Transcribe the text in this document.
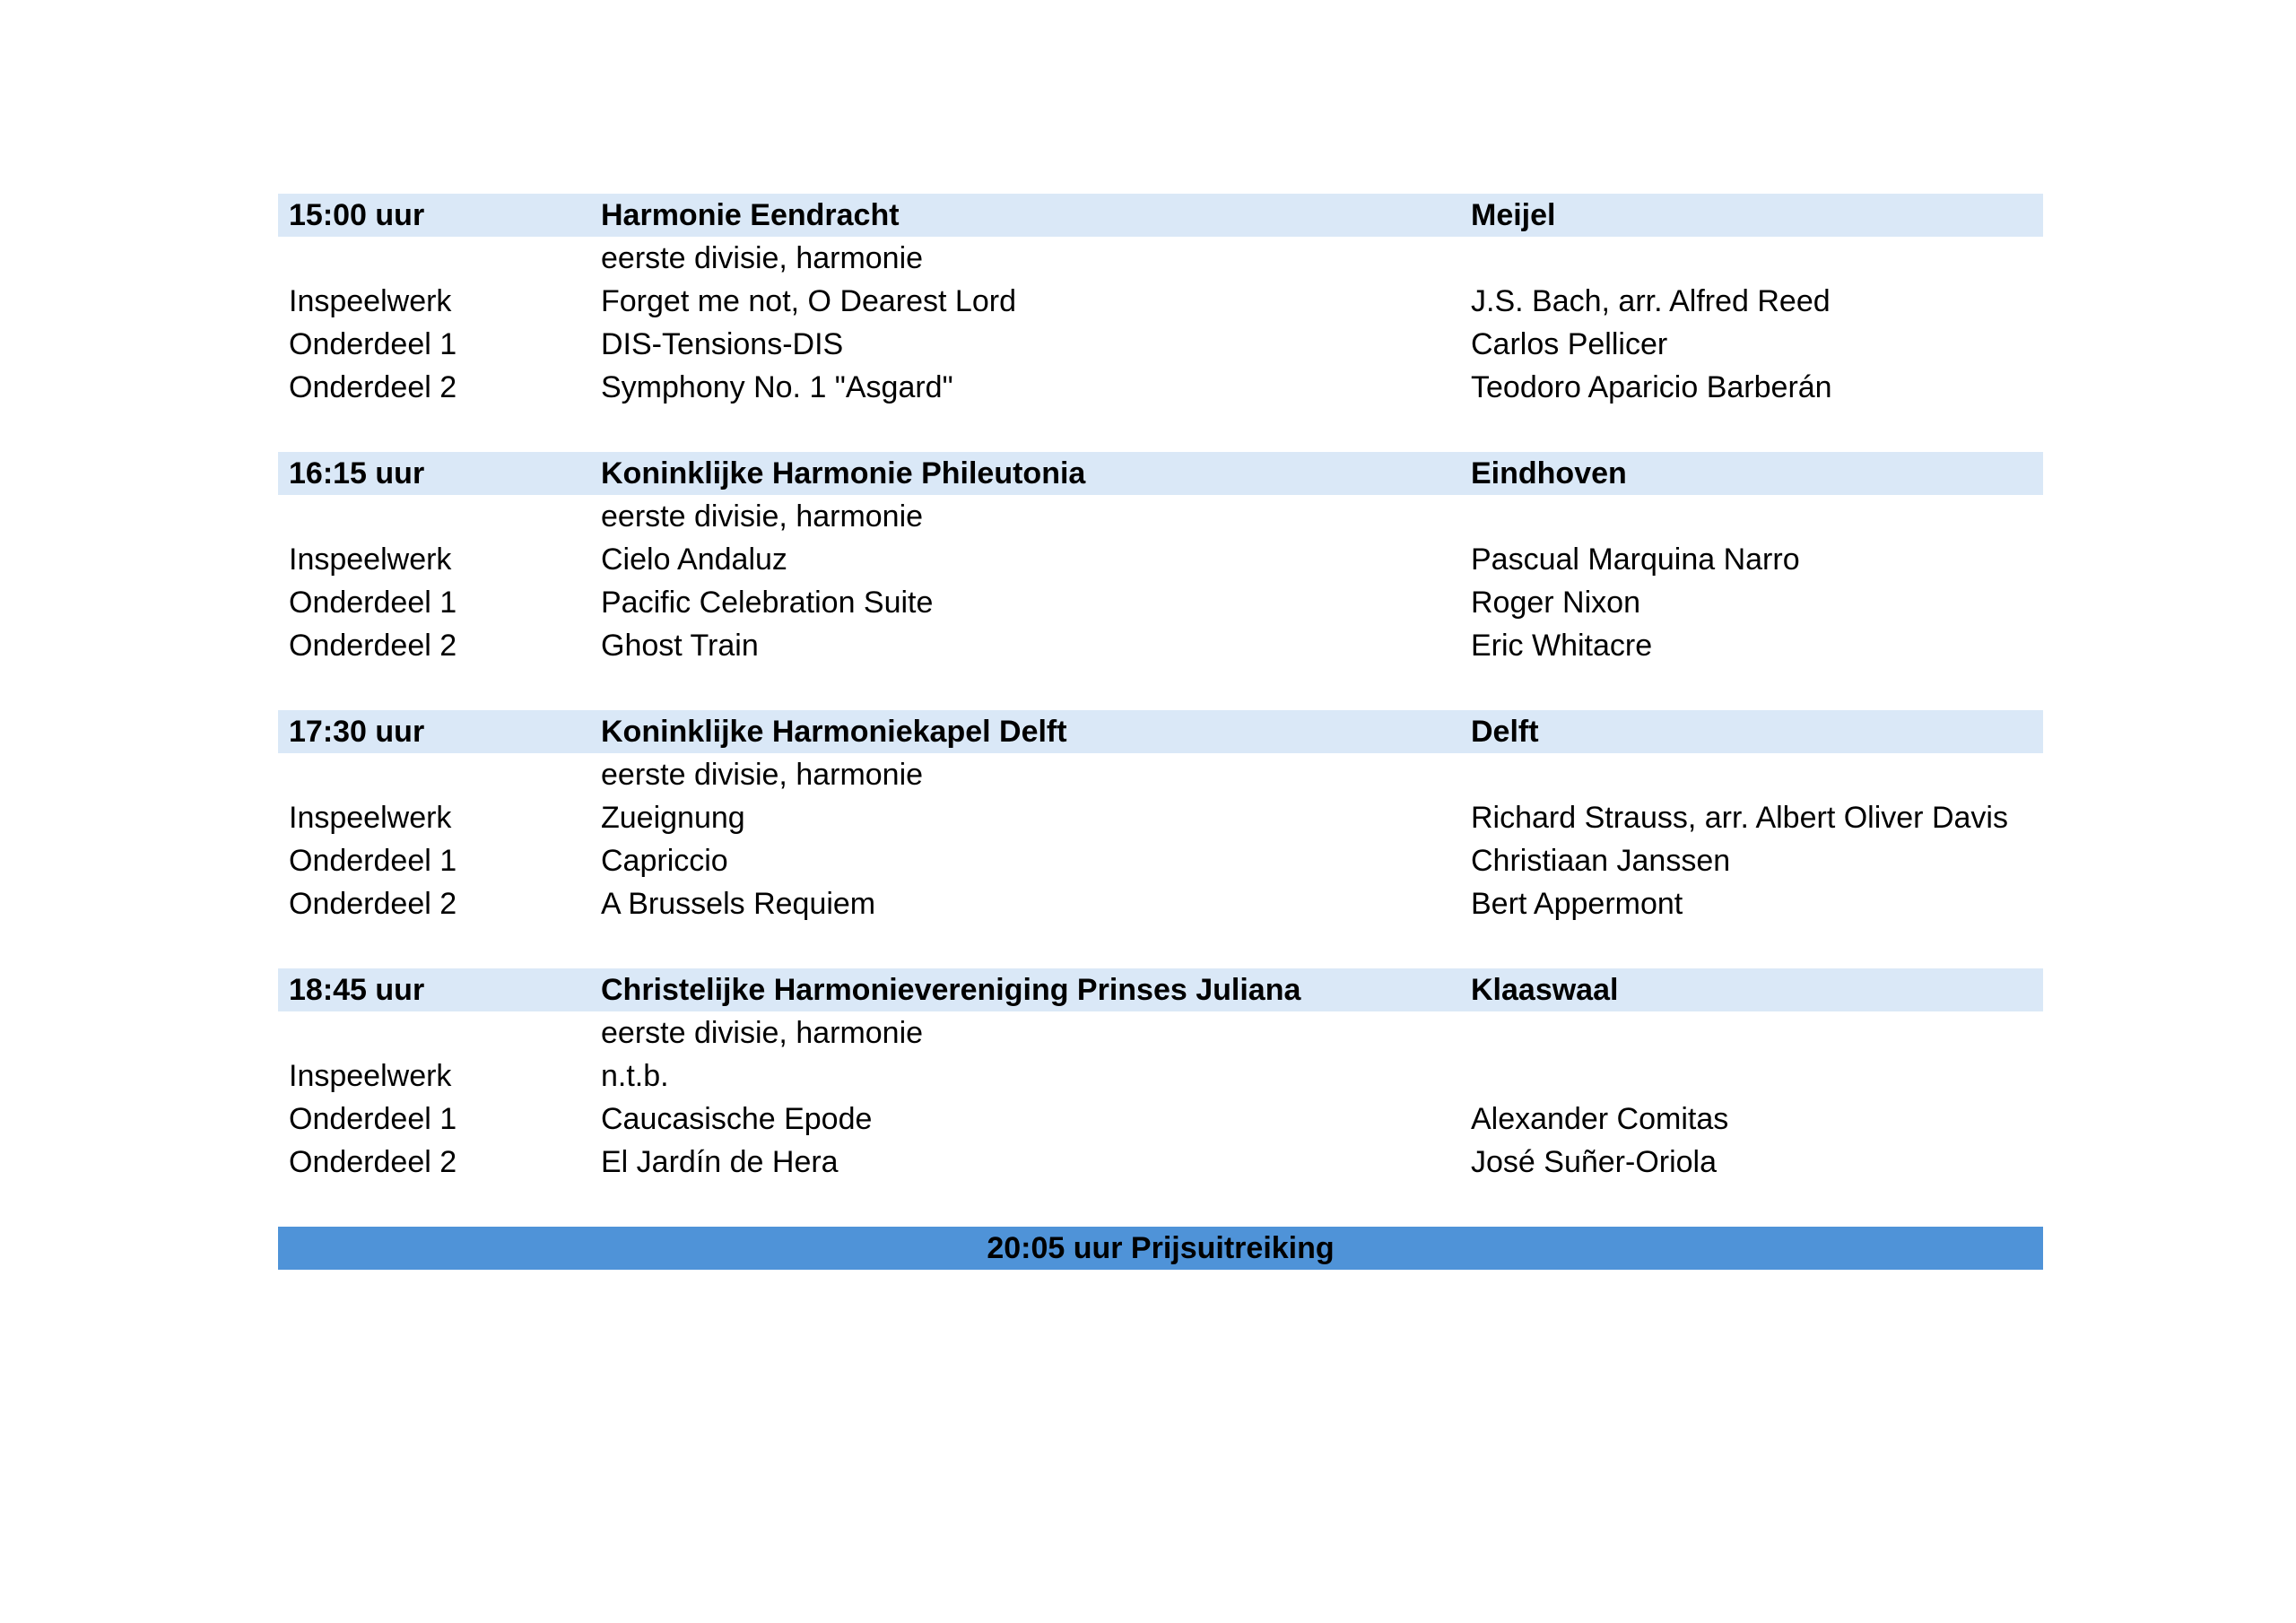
15:00 uur	Harmonie Eendracht	Meijel
eerste divisie, harmonie
Inspeelwerk	Forget me not, O Dearest Lord	J.S. Bach, arr. Alfred Reed
Onderdeel 1	DIS-Tensions-DIS	Carlos Pellicer
Onderdeel 2	Symphony No. 1 "Asgard"	Teodoro Aparicio Barberán
16:15 uur	Koninklijke Harmonie Phileutonia	Eindhoven
eerste divisie, harmonie
Inspeelwerk	Cielo Andaluz	Pascual Marquina Narro
Onderdeel 1	Pacific Celebration Suite	Roger Nixon
Onderdeel 2	Ghost Train	Eric Whitacre
17:30 uur	Koninklijke Harmoniekapel Delft	Delft
eerste divisie, harmonie
Inspeelwerk	Zueignung	Richard Strauss, arr. Albert Oliver Davis
Onderdeel 1	Capriccio	Christiaan Janssen
Onderdeel 2	A Brussels Requiem	Bert Appermont
18:45 uur	Christelijke Harmonievereniging Prinses Juliana	Klaaswaal
eerste divisie, harmonie
Inspeelwerk	n.t.b.
Onderdeel 1	Caucasische Epode	Alexander Comitas
Onderdeel 2	El Jardín de Hera	José Suñer-Oriola
20:05 uur Prijsuitreiking
